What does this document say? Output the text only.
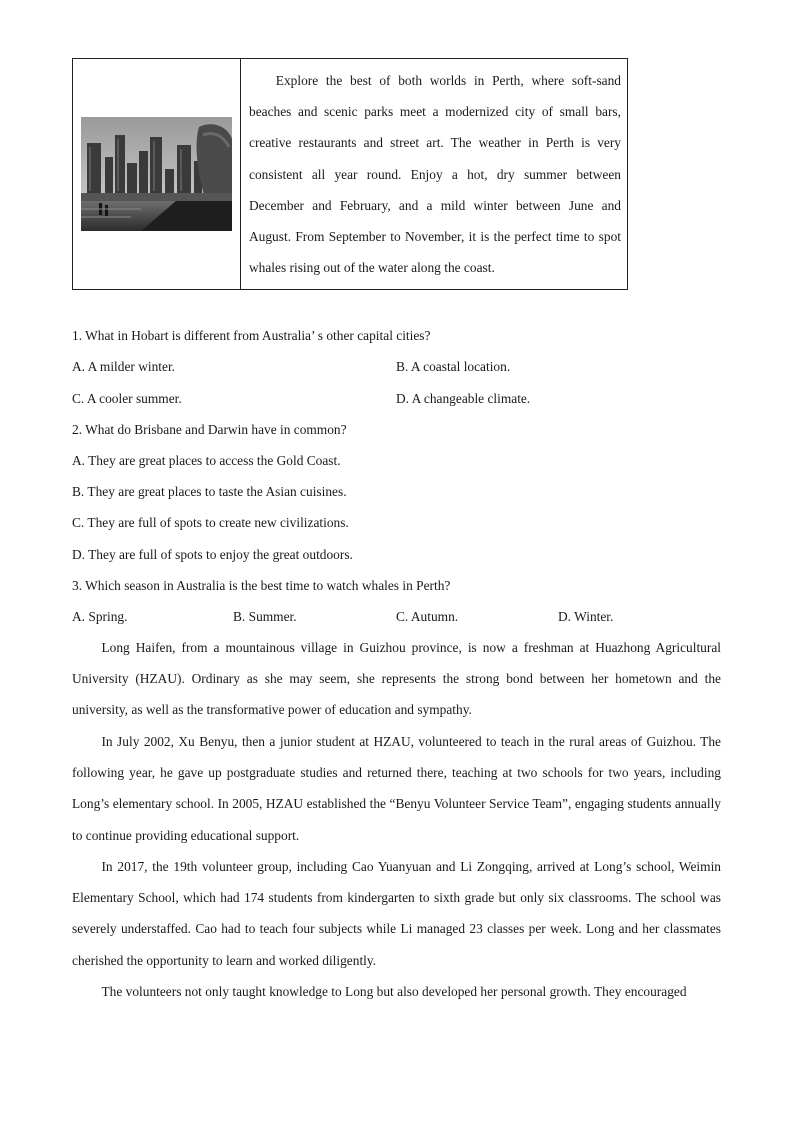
Explore the best of both worlds in Perth, where soft-sand beaches and scenic parks meet a modernized city of small bars, creative restaurants and street art. The weather in Perth is very consistent all year round. Enjoy a hot, dry summer between December and February, and a mild winter between June and August. From September to November, it is the perfect time to spot whales rising out of the water along the coast.

1. What in Hobart is different from Australia’ s other capital cities?

A. A milder winter.	B. A coastal location.

C. A cooler summer.	D. A changeable climate.

2. What do Brisbane and Darwin have in common?

A. They are great places to access the Gold Coast.

B. They are great places to taste the Asian cuisines.

C. They are full of spots to create new civilizations.

D. They are full of spots to enjoy the great outdoors.

3. Which season in Australia is the best time to watch whales in Perth?

A. Spring.	B. Summer.	C. Autumn.	D. Winter.

Long Haifen, from a mountainous village in Guizhou province, is now a freshman at Huazhong Agricultural University (HZAU). Ordinary as she may seem, she represents the strong bond between her hometown and the university, as well as the transformative power of education and sympathy.

In July 2002, Xu Benyu, then a junior student at HZAU, volunteered to teach in the rural areas of Guizhou. The following year, he gave up postgraduate studies and returned there, teaching at two schools for two years, including Long’s elementary school. In 2005, HZAU established the “Benyu Volunteer Service Team”, engaging students annually to continue providing educational support.

In 2017, the 19th volunteer group, including Cao Yuanyuan and Li Zongqing, arrived at Long’s school, Weimin Elementary School, which had 174 students from kindergarten to sixth grade but only six classrooms. The school was severely understaffed. Cao had to teach four subjects while Li managed 23 classes per week. Long and her classmates cherished the opportunity to learn and worked diligently.

The volunteers not only taught knowledge to Long but also developed her personal growth. They encouraged
